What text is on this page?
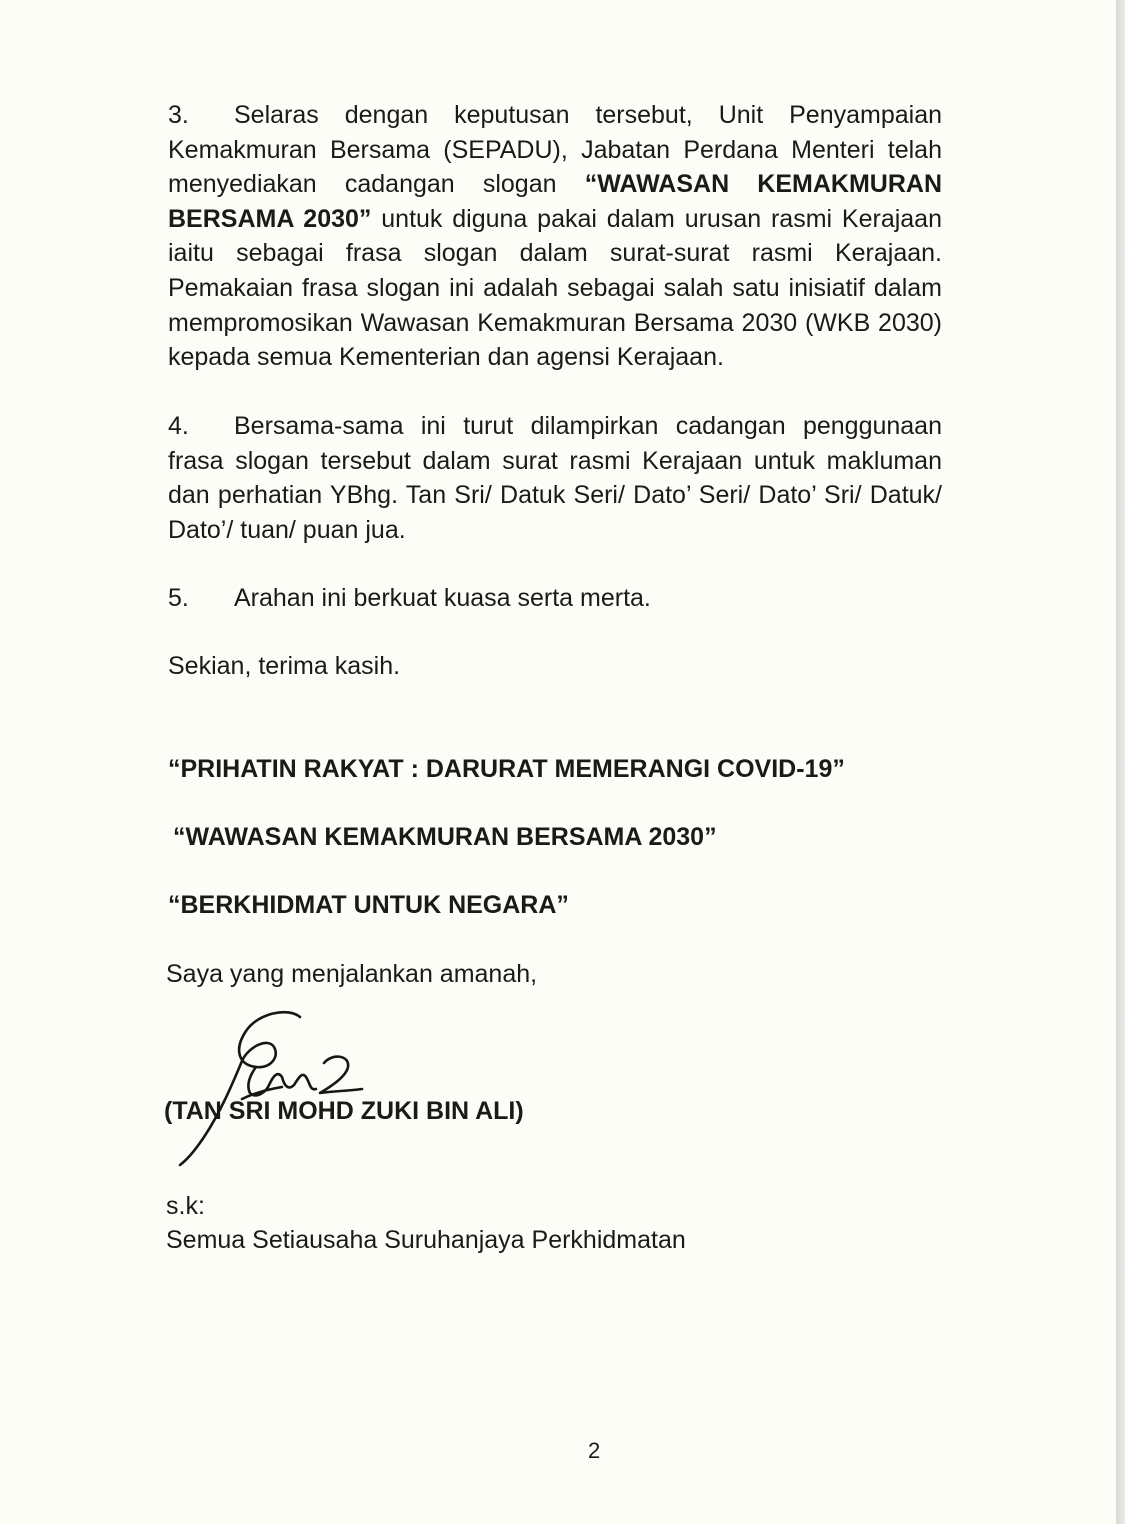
3. Selaras dengan keputusan tersebut, Unit Penyampaian Kemakmuran Bersama (SEPADU), Jabatan Perdana Menteri telah menyediakan cadangan slogan “WAWASAN KEMAKMURAN BERSAMA 2030” untuk diguna pakai dalam urusan rasmi Kerajaan iaitu sebagai frasa slogan dalam surat-surat rasmi Kerajaan. Pemakaian frasa slogan ini adalah sebagai salah satu inisiatif dalam mempromosikan Wawasan Kemakmuran Bersama 2030 (WKB 2030) kepada semua Kementerian dan agensi Kerajaan.

4. Bersama-sama ini turut dilampirkan cadangan penggunaan frasa slogan tersebut dalam surat rasmi Kerajaan untuk makluman dan perhatian YBhg. Tan Sri/ Datuk Seri/ Dato’ Seri/ Dato’ Sri/ Datuk/ Dato’/ tuan/ puan jua.

5. Arahan ini berkuat kuasa serta merta.

Sekian, terima kasih.

“PRIHATIN RAKYAT : DARURAT MEMERANGI COVID-19”

“WAWASAN KEMAKMURAN BERSAMA 2030”

“BERKHIDMAT UNTUK NEGARA”

Saya yang menjalankan amanah,

(TAN SRI MOHD ZUKI BIN ALI)

s.k:

Semua Setiausaha Suruhanjaya Perkhidmatan

2
